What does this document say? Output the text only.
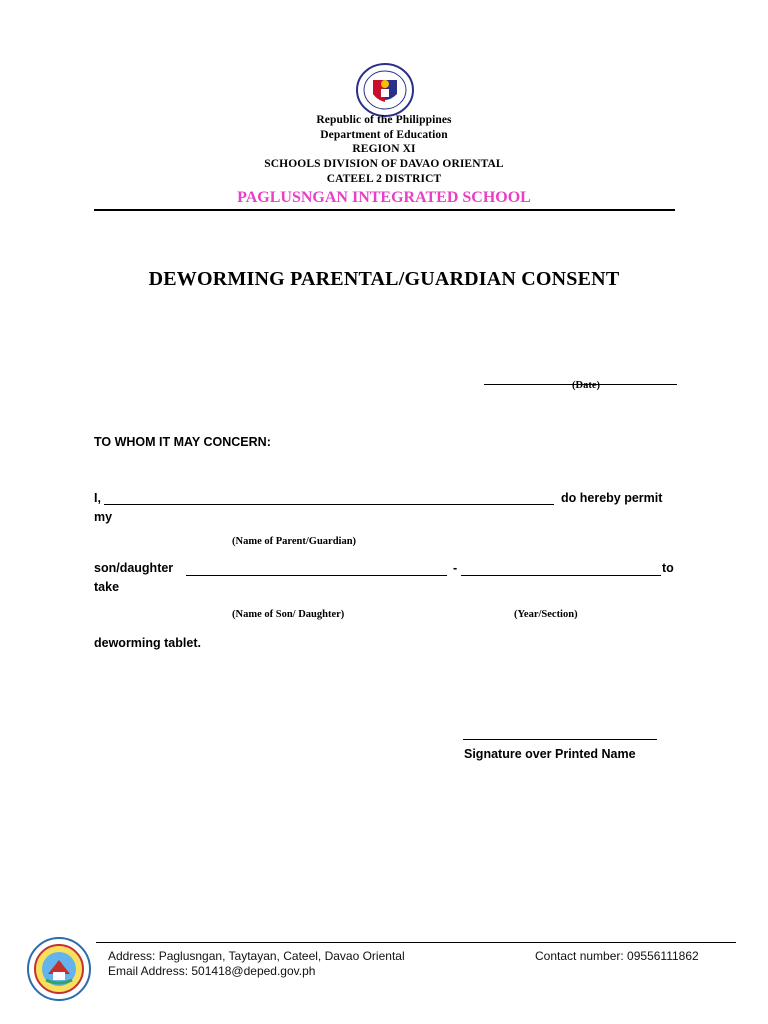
Republic of the Philippines
Department of Education
REGION XI
SCHOOLS DIVISION OF DAVAO ORIENTAL
CATEEL 2 DISTRICT
PAGLUSNGAN INTEGRATED SCHOOL
DEWORMING PARENTAL/GUARDIAN CONSENT
(Date)
TO WHOM IT MAY CONCERN:
I,	do hereby permit
my
(Name of Parent/Guardian)
son/daughter	-	to
take
(Name of Son/ Daughter)	(Year/Section)
deworming tablet.
Signature over Printed Name
Address: Paglusngan, Taytayan, Cateel, Davao Oriental
Email Address: 501418@deped.gov.ph
Contact number: 09556111862
